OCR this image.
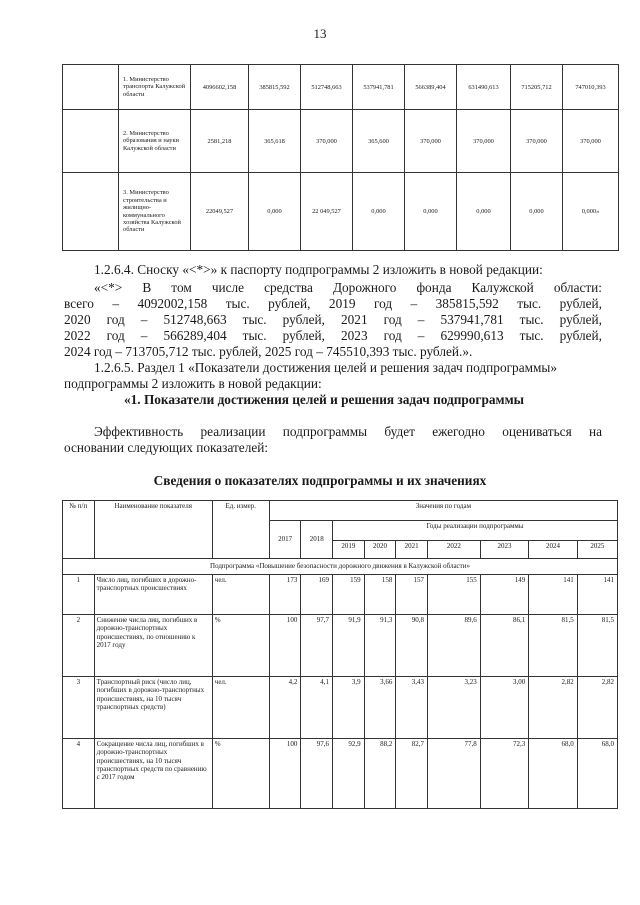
13
	1. Министерство транспорта Калужской области	4096602,158	385815,592	512748,663	537941,781	566389,404	631490,613	715205,712	747010,393
	2. Министерство образования и науки Калужской области	2581,218	365,618	370,000	365,600	370,000	370,000	370,000	370,000
	3. Министерство строительства и жилищно-коммунального хозяйства Калужской области	22049,527	0,000	22 049,527	0,000	0,000	0,000	0,000	0,000»

1.2.6.4. Сноску «<*>» к паспорту подпрограммы 2 изложить в новой редакции:

«<*> В том числе средства Дорожного фонда Калужской области:

всего – 4092002,158 тыс. рублей, 2019 год – 385815,592 тыс. рублей,

2020 год – 512748,663 тыс. рублей, 2021 год – 537941,781 тыс. рублей,

2022 год – 566289,404 тыс. рублей, 2023 год – 629990,613 тыс. рублей,

2024 год – 713705,712 тыс. рублей, 2025 год – 745510,393 тыс. рублей.».

1.2.6.5. Раздел 1 «Показатели достижения целей и решения задач подпрограммы»

подпрограммы 2 изложить в новой редакции:

«1. Показатели достижения целей и решения задач подпрограммы

Эффективность реализации подпрограммы будет ежегодно оцениваться на

основании следующих показателей:

Сведения о показателях подпрограммы и их значениях

№ п/п	Наименование показателя	Ед. измер.	Значения по годам								
			2017	2018	Годы реализации подпрограммы						
					2019	2020	2021	2022	2023	2024	2025
Подпрограмма «Повышение безопасности дорожного движения в Калужской области»											
1	Число лиц, погибших в дорожно-транспортных происшествиях	чел.	173	169	159	158	157	155	149	141	141
2	Снижение числа лиц, погибших в дорожно-транспортных происшествиях, по отношению к 2017 году	%	100	97,7	91,9	91,3	90,8	89,6	86,1	81,5	81,5
3	Транспортный риск (число лиц, погибших в дорожно-транспортных происшествиях, на 10 тысяч транспортных средств)	чел.	4,2	4,1	3,9	3,66	3,43	3,23	3,00	2,82	2,82
4	Сокращение числа лиц, погибших в дорожно-транспортных происшествиях, на 10 тысяч транспортных средств по сравнению с 2017 годом	%	100	97,6	92,9	88,2	82,7	77,8	72,3	68,0	68,0
